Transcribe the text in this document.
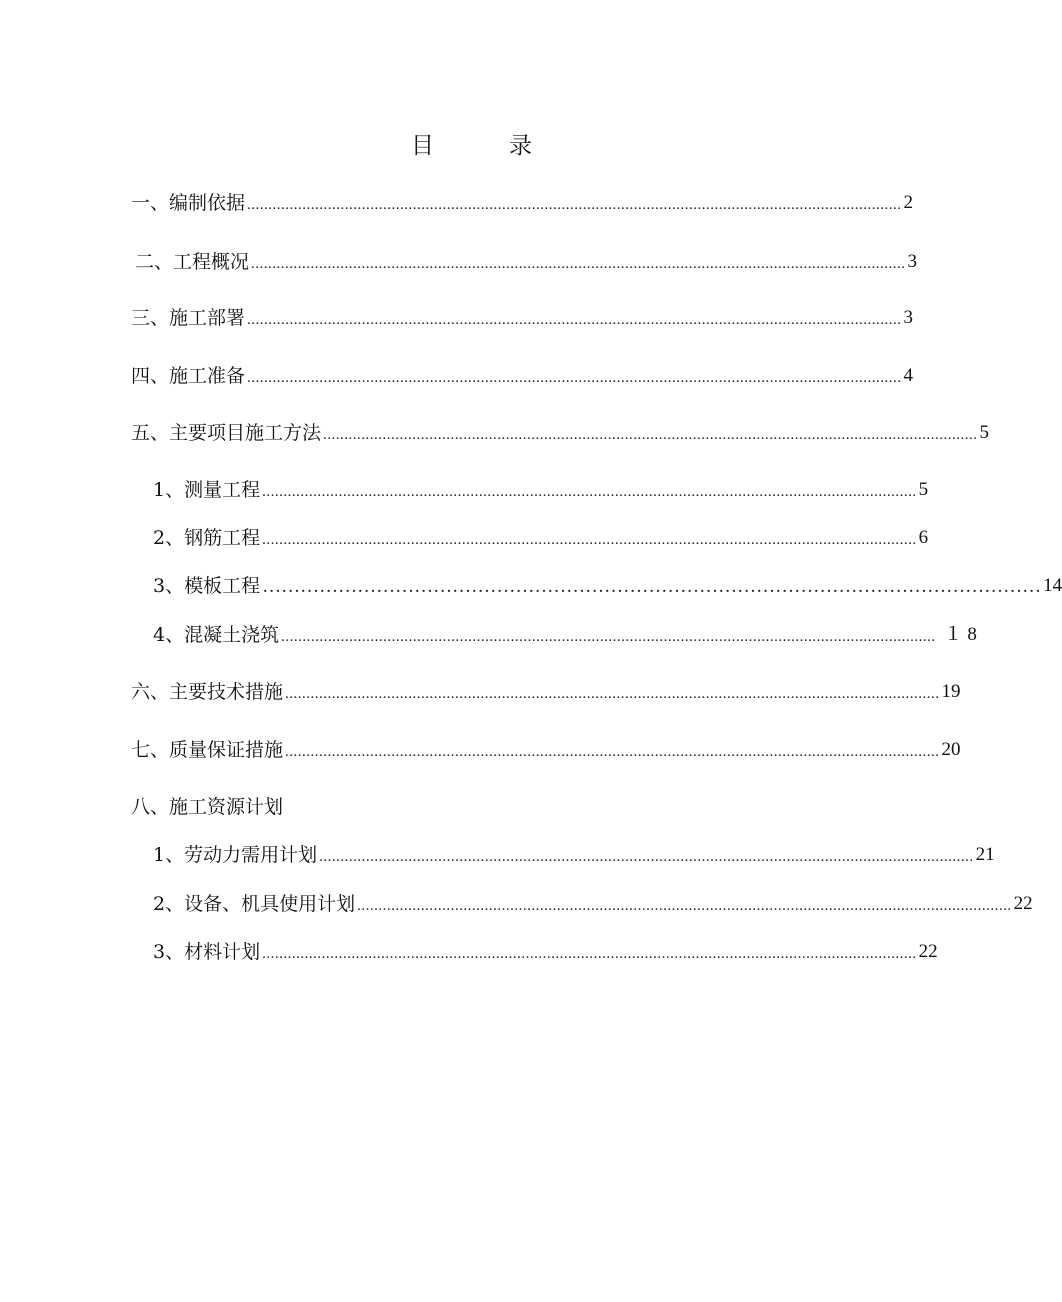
目	录
一、编制依据 .......................................................................................................................................................... 2
二、工程概况 .......................................................................................................................................................... 3
三、施工部署 .......................................................................................................................................................... 3
四、施工准备 .......................................................................................................................................................... 4
五、主要项目施工方法 .......................................................................................................................................................... 5
1、测量工程 .......................................................................................................................................................... 5
2、钢筋工程 .......................................................................................................................................................... 6
3、模板工程 …………………………………………………………………………………………………………… 14
4、混凝土浇筑 .......................................................................................................................................................... １ 8
六、主要技术措施 .......................................................................................................................................................... 19
七、质量保证措施 .......................................................................................................................................................... 20
八、施工资源计划
1、劳动力需用计划 .......................................................................................................................................................... 21
2、设备、机具使用计划 .......................................................................................................................................................... 22
3、材料计划 .......................................................................................................................................................... 22
